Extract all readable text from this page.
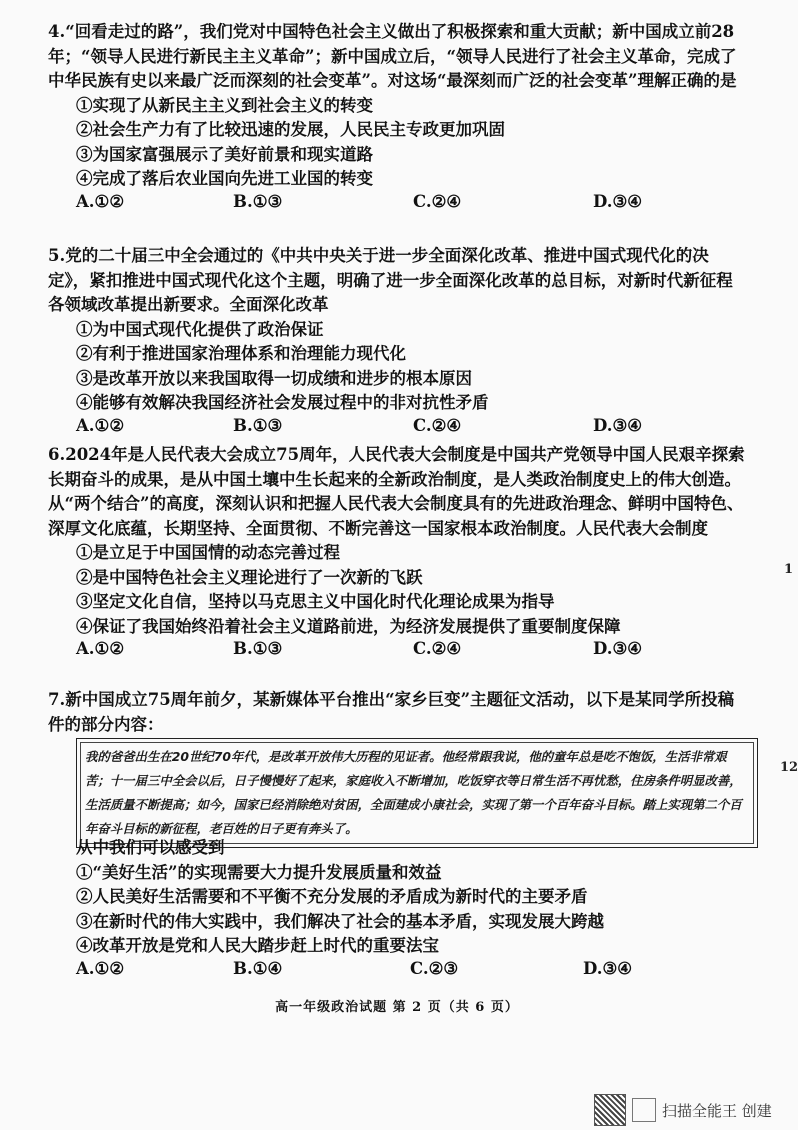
4.“回看走过的路”，我们党对中国特色社会主义做出了积极探索和重大贡献；新中国成立前28年；“领导人民进行新民主主义革命”；新中国成立后，“领导人民进行了社会主义革命，完成了中华民族有史以来最广泛而深刻的社会变革”。对这场“最深刻而广泛的社会变革”理解正确的是

①实现了从新民主主义到社会主义的转变

②社会生产力有了比较迅速的发展，人民民主专政更加巩固

③为国家富强展示了美好前景和现实道路

④完成了落后农业国向先进工业国的转变

A.①②	B.①③	C.②④	D.③④

5.党的二十届三中全会通过的《中共中央关于进一步全面深化改革、推进中国式现代化的决定》，紧扣推进中国式现代化这个主题，明确了进一步全面深化改革的总目标，对新时代新征程各领域改革提出新要求。全面深化改革

①为中国式现代化提供了政治保证

②有利于推进国家治理体系和治理能力现代化

③是改革开放以来我国取得一切成绩和进步的根本原因

④能够有效解决我国经济社会发展过程中的非对抗性矛盾

A.①②	B.①③	C.②④	D.③④

6.2024年是人民代表大会成立75周年，人民代表大会制度是中国共产党领导中国人民艰辛探索长期奋斗的成果，是从中国土壤中生长起来的全新政治制度，是人类政治制度史上的伟大创造。从“两个结合”的高度，深刻认识和把握人民代表大会制度具有的先进政治理念、鲜明中国特色、深厚文化底蕴，长期坚持、全面贯彻、不断完善这一国家根本政治制度。人民代表大会制度

①是立足于中国国情的动态完善过程

②是中国特色社会主义理论进行了一次新的飞跃

③坚定文化自信，坚持以马克思主义中国化时代化理论成果为指导

④保证了我国始终沿着社会主义道路前进，为经济发展提供了重要制度保障

A.①②	B.①③	C.②④	D.③④

7.新中国成立75周年前夕，某新媒体平台推出“家乡巨变”主题征文活动，以下是某同学所投稿件的部分内容：

我的爸爸出生在20世纪70年代，是改革开放伟大历程的见证者。他经常跟我说，他的童年总是吃不饱饭，生活非常艰苦；十一届三中全会以后，日子慢慢好了起来，家庭收入不断增加，吃饭穿衣等日常生活不再忧愁，住房条件明显改善，生活质量不断提高；如今，国家已经消除绝对贫困，全面建成小康社会，实现了第一个百年奋斗目标。踏上实现第二个百年奋斗目标的新征程，老百姓的日子更有奔头了。

从中我们可以感受到

①“美好生活”的实现需要大力提升发展质量和效益

②人民美好生活需要和不平衡不充分发展的矛盾成为新时代的主要矛盾

③在新时代的伟大实践中，我们解决了社会的基本矛盾，实现发展大跨越

④改革开放是党和人民大踏步赶上时代的重要法宝

A.①②	B.①④	C.②③	D.③④
高一年级政治试题 第 2 页（共 6 页）
1
12
扫描全能王 创建
